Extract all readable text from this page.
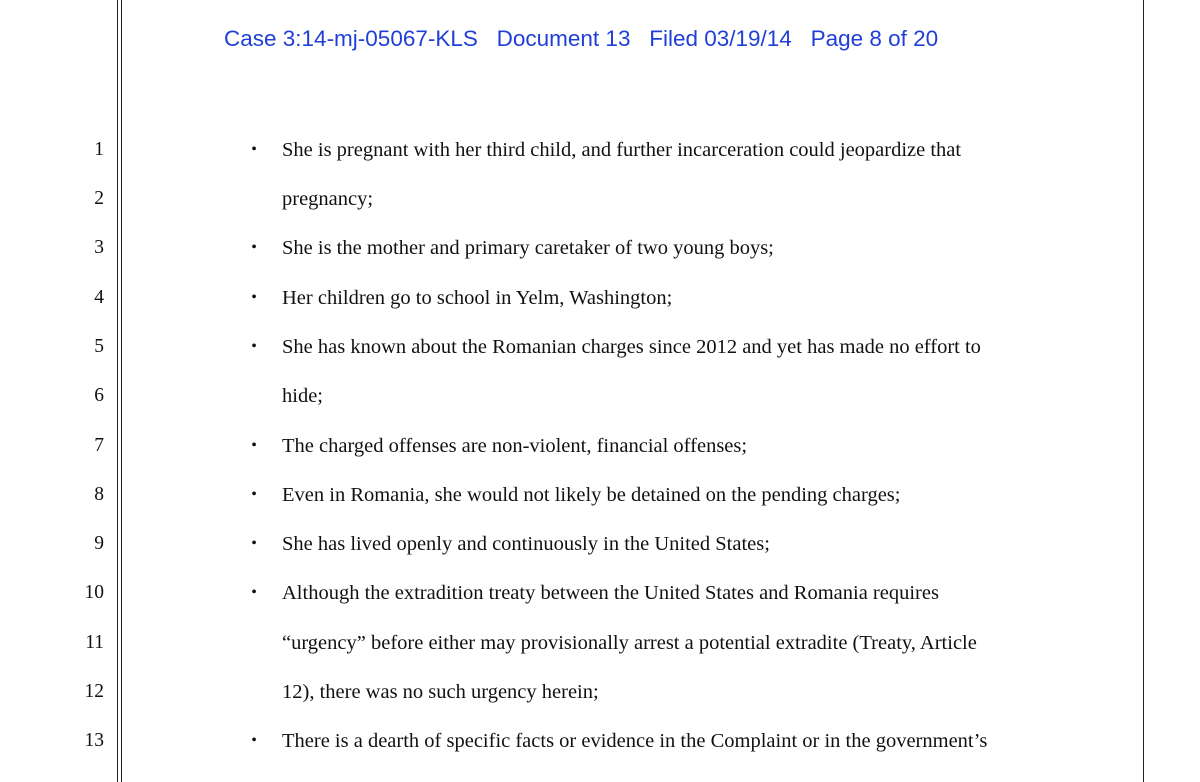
Case 3:14-mj-05067-KLS   Document 13   Filed 03/19/14   Page 8 of 20
1
2
3
4
5
6
7
8
9
10
11
12
13
•	She is pregnant with her third child, and further incarceration could jeopardize that
pregnancy;
•	She is the mother and primary caretaker of two young boys;
•	Her children go to school in Yelm, Washington;
•	She has known about the Romanian charges since 2012 and yet has made no effort to
hide;
•	The charged offenses are non-violent, financial offenses;
•	Even in Romania, she would not likely be detained on the pending charges;
•	She has lived openly and continuously in the United States;
•	Although the extradition treaty between the United States and Romania requires
“urgency” before either may provisionally arrest a potential extradite (Treaty, Article
12), there was no such urgency herein;
•	There is a dearth of specific facts or evidence in the Complaint or in the government’s
